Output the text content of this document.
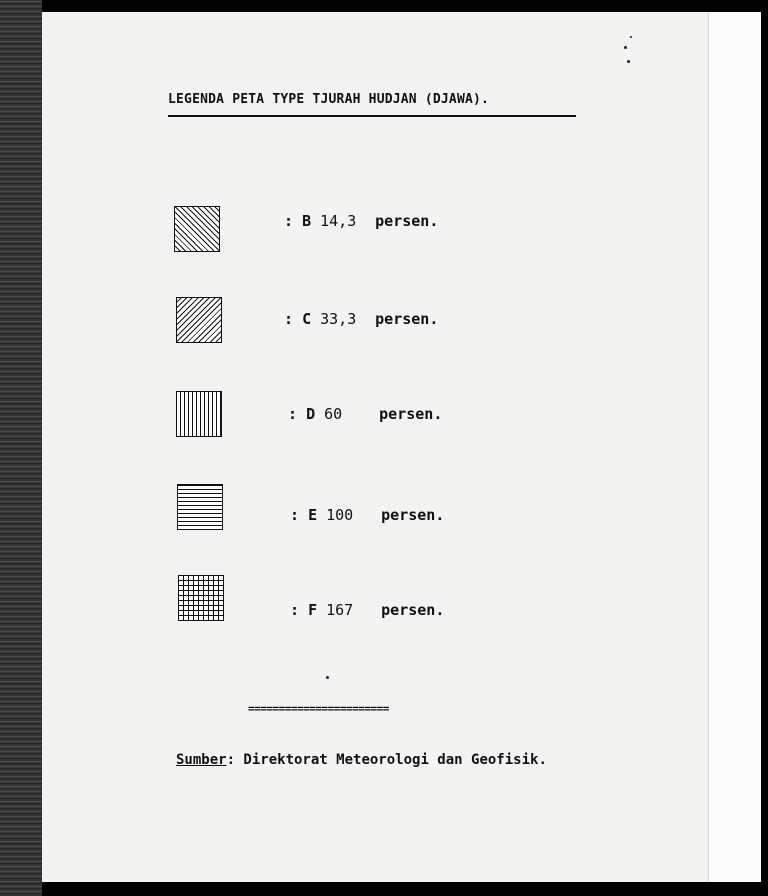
LEGENDA PETA TYPE TJURAH HUDJAN (DJAWA).
: B 14,3 persen.
: C 33,3 persen.
: D 60 persen.
: E 100 persen.
: F 167 persen.
=======================
Sumber: Direktorat Meteorologi dan Geofisik.
